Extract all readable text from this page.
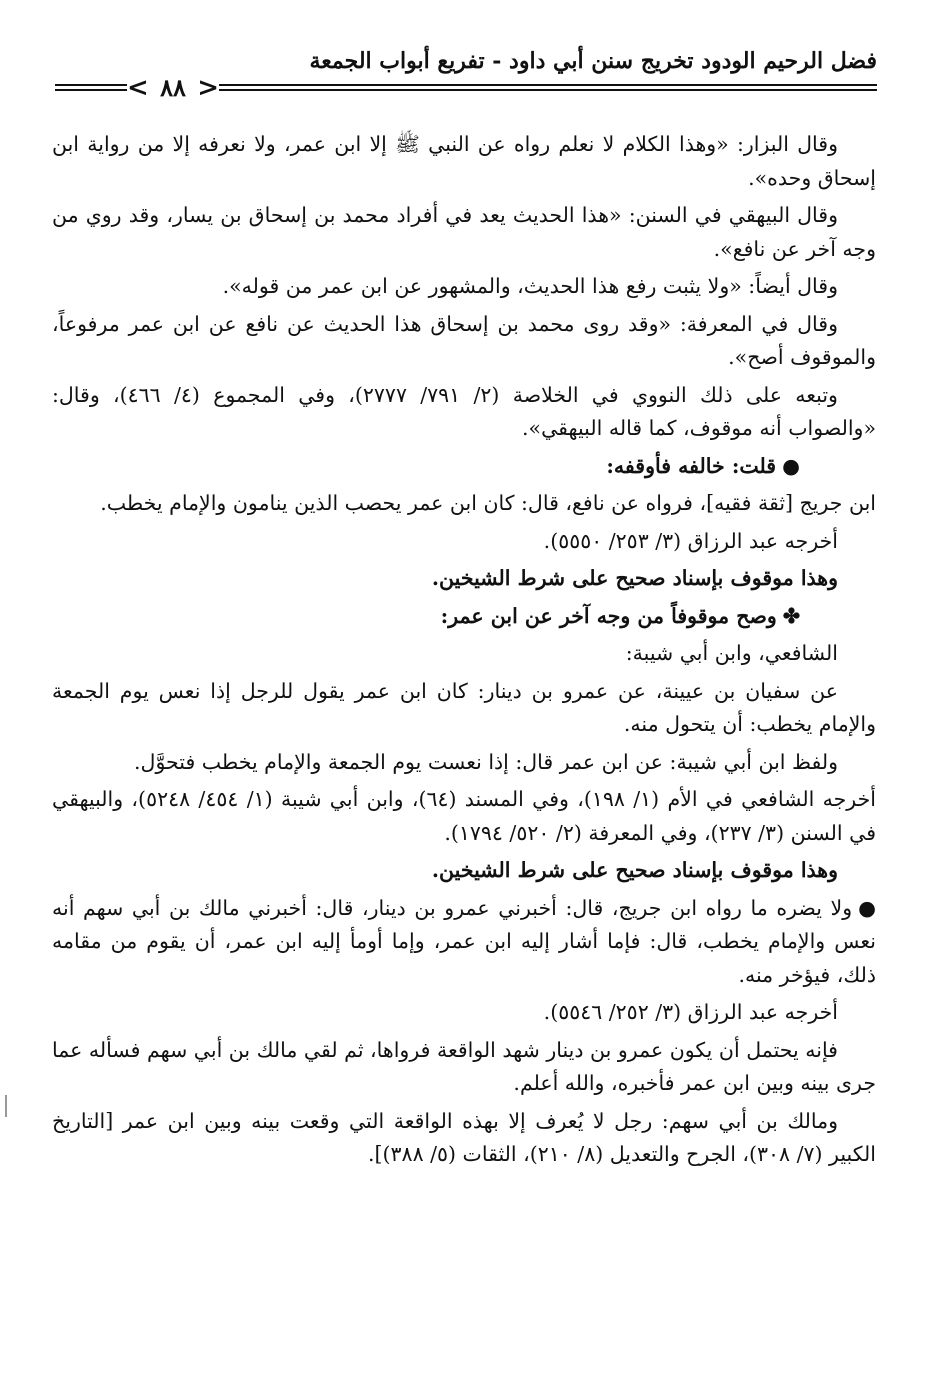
فضل الرحيم الودود تخريج سنن أبي داود - تفريع أبواب الجمعة
< ٨٨ >

وقال البزار: «وهذا الكلام لا نعلم رواه عن النبي ﷺ إلا ابن عمر، ولا نعرفه إلا من رواية ابن إسحاق وحده».

وقال البيهقي في السنن: «هذا الحديث يعد في أفراد محمد بن إسحاق بن يسار، وقد روي من وجه آخر عن نافع».

وقال أيضاً: «ولا يثبت رفع هذا الحديث، والمشهور عن ابن عمر من قوله».

وقال في المعرفة: «وقد روى محمد بن إسحاق هذا الحديث عن نافع عن ابن عمر مرفوعاً، والموقوف أصح».

وتبعه على ذلك النووي في الخلاصة (٢/ ٧٩١/ ٢٧٧٧)، وفي المجموع (٤/ ٤٦٦)، وقال: «والصواب أنه موقوف، كما قاله البيهقي».

●قلت: خالفه فأوقفه:

ابن جريج [ثقة فقيه]، فرواه عن نافع، قال: كان ابن عمر يحصب الذين ينامون والإمام يخطب.

أخرجه عبد الرزاق (٣/ ٢٥٣/ ٥٥٥٠).

وهذا موقوف بإسناد صحيح على شرط الشيخين.

✤وصح موقوفاً من وجه آخر عن ابن عمر:

الشافعي، وابن أبي شيبة:

عن سفيان بن عيينة، عن عمرو بن دينار: كان ابن عمر يقول للرجل إذا نعس يوم الجمعة والإمام يخطب: أن يتحول منه.

ولفظ ابن أبي شيبة: عن ابن عمر قال: إذا نعست يوم الجمعة والإمام يخطب فتحوَّل.

أخرجه الشافعي في الأم (١/ ١٩٨)، وفي المسند (٦٤)، وابن أبي شيبة (١/ ٤٥٤/ ٥٢٤٨)، والبيهقي في السنن (٣/ ٢٣٧)، وفي المعرفة (٢/ ٥٢٠/ ١٧٩٤).

وهذا موقوف بإسناد صحيح على شرط الشيخين.

●ولا يضره ما رواه ابن جريج، قال: أخبرني عمرو بن دينار، قال: أخبرني مالك بن أبي سهم أنه نعس والإمام يخطب، قال: فإما أشار إليه ابن عمر، وإما أومأ إليه ابن عمر، أن يقوم من مقامه ذلك، فيؤخر منه.

أخرجه عبد الرزاق (٣/ ٢٥٢/ ٥٥٤٦).

فإنه يحتمل أن يكون عمرو بن دينار شهد الواقعة فرواها، ثم لقي مالك بن أبي سهم فسأله عما جرى بينه وبين ابن عمر فأخبره، والله أعلم.

ومالك بن أبي سهم: رجل لا يُعرف إلا بهذه الواقعة التي وقعت بينه وبين ابن عمر [التاريخ الكبير (٧/ ٣٠٨)، الجرح والتعديل (٨/ ٢١٠)، الثقات (٥/ ٣٨٨)].
